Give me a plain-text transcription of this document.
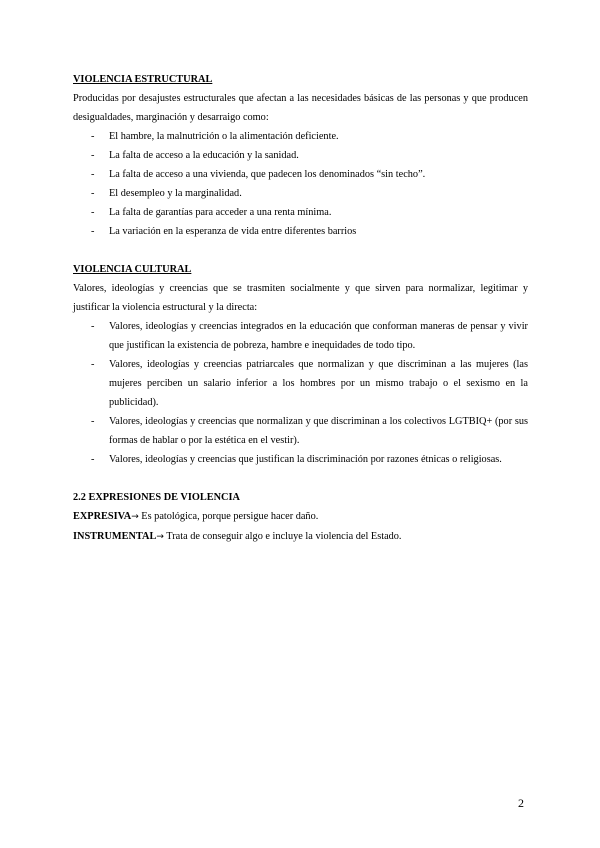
VIOLENCIA ESTRUCTURAL

Producidas por desajustes estructurales que afectan a las necesidades básicas de las personas y que producen desigualdades, marginación y desarraigo como:

- El hambre, la malnutrición o la alimentación deficiente.
- La falta de acceso a la educación y la sanidad.
- La falta de acceso a una vivienda, que padecen los denominados “sin techo”.
- El desempleo y la marginalidad.
- La falta de garantías para acceder a una renta mínima.
- La variación en la esperanza de vida entre diferentes barrios

VIOLENCIA CULTURAL

Valores, ideologías y creencias que se trasmiten socialmente y que sirven para normalizar, legitimar y justificar la violencia estructural y la directa:

- Valores, ideologías y creencias integrados en la educación que conforman maneras de pensar y vivir que justifican la existencia de pobreza, hambre e inequidades de todo tipo.
- Valores, ideologías y creencias patriarcales que normalizan y que discriminan a las mujeres (las mujeres perciben un salario inferior a los hombres por un mismo trabajo o el sexismo en la publicidad).
- Valores, ideologías y creencias que normalizan y que discriminan a los colectivos LGTBIQ+ (por sus formas de hablar o por la estética en el vestir).
- Valores, ideologías y creencias que justifican la discriminación por razones étnicas o religiosas.

2.2 EXPRESIONES DE VIOLENCIA

EXPRESIVA→ Es patológica, porque persigue hacer daño.

INSTRUMENTAL→ Trata de conseguir algo e incluye la violencia del Estado.

2
